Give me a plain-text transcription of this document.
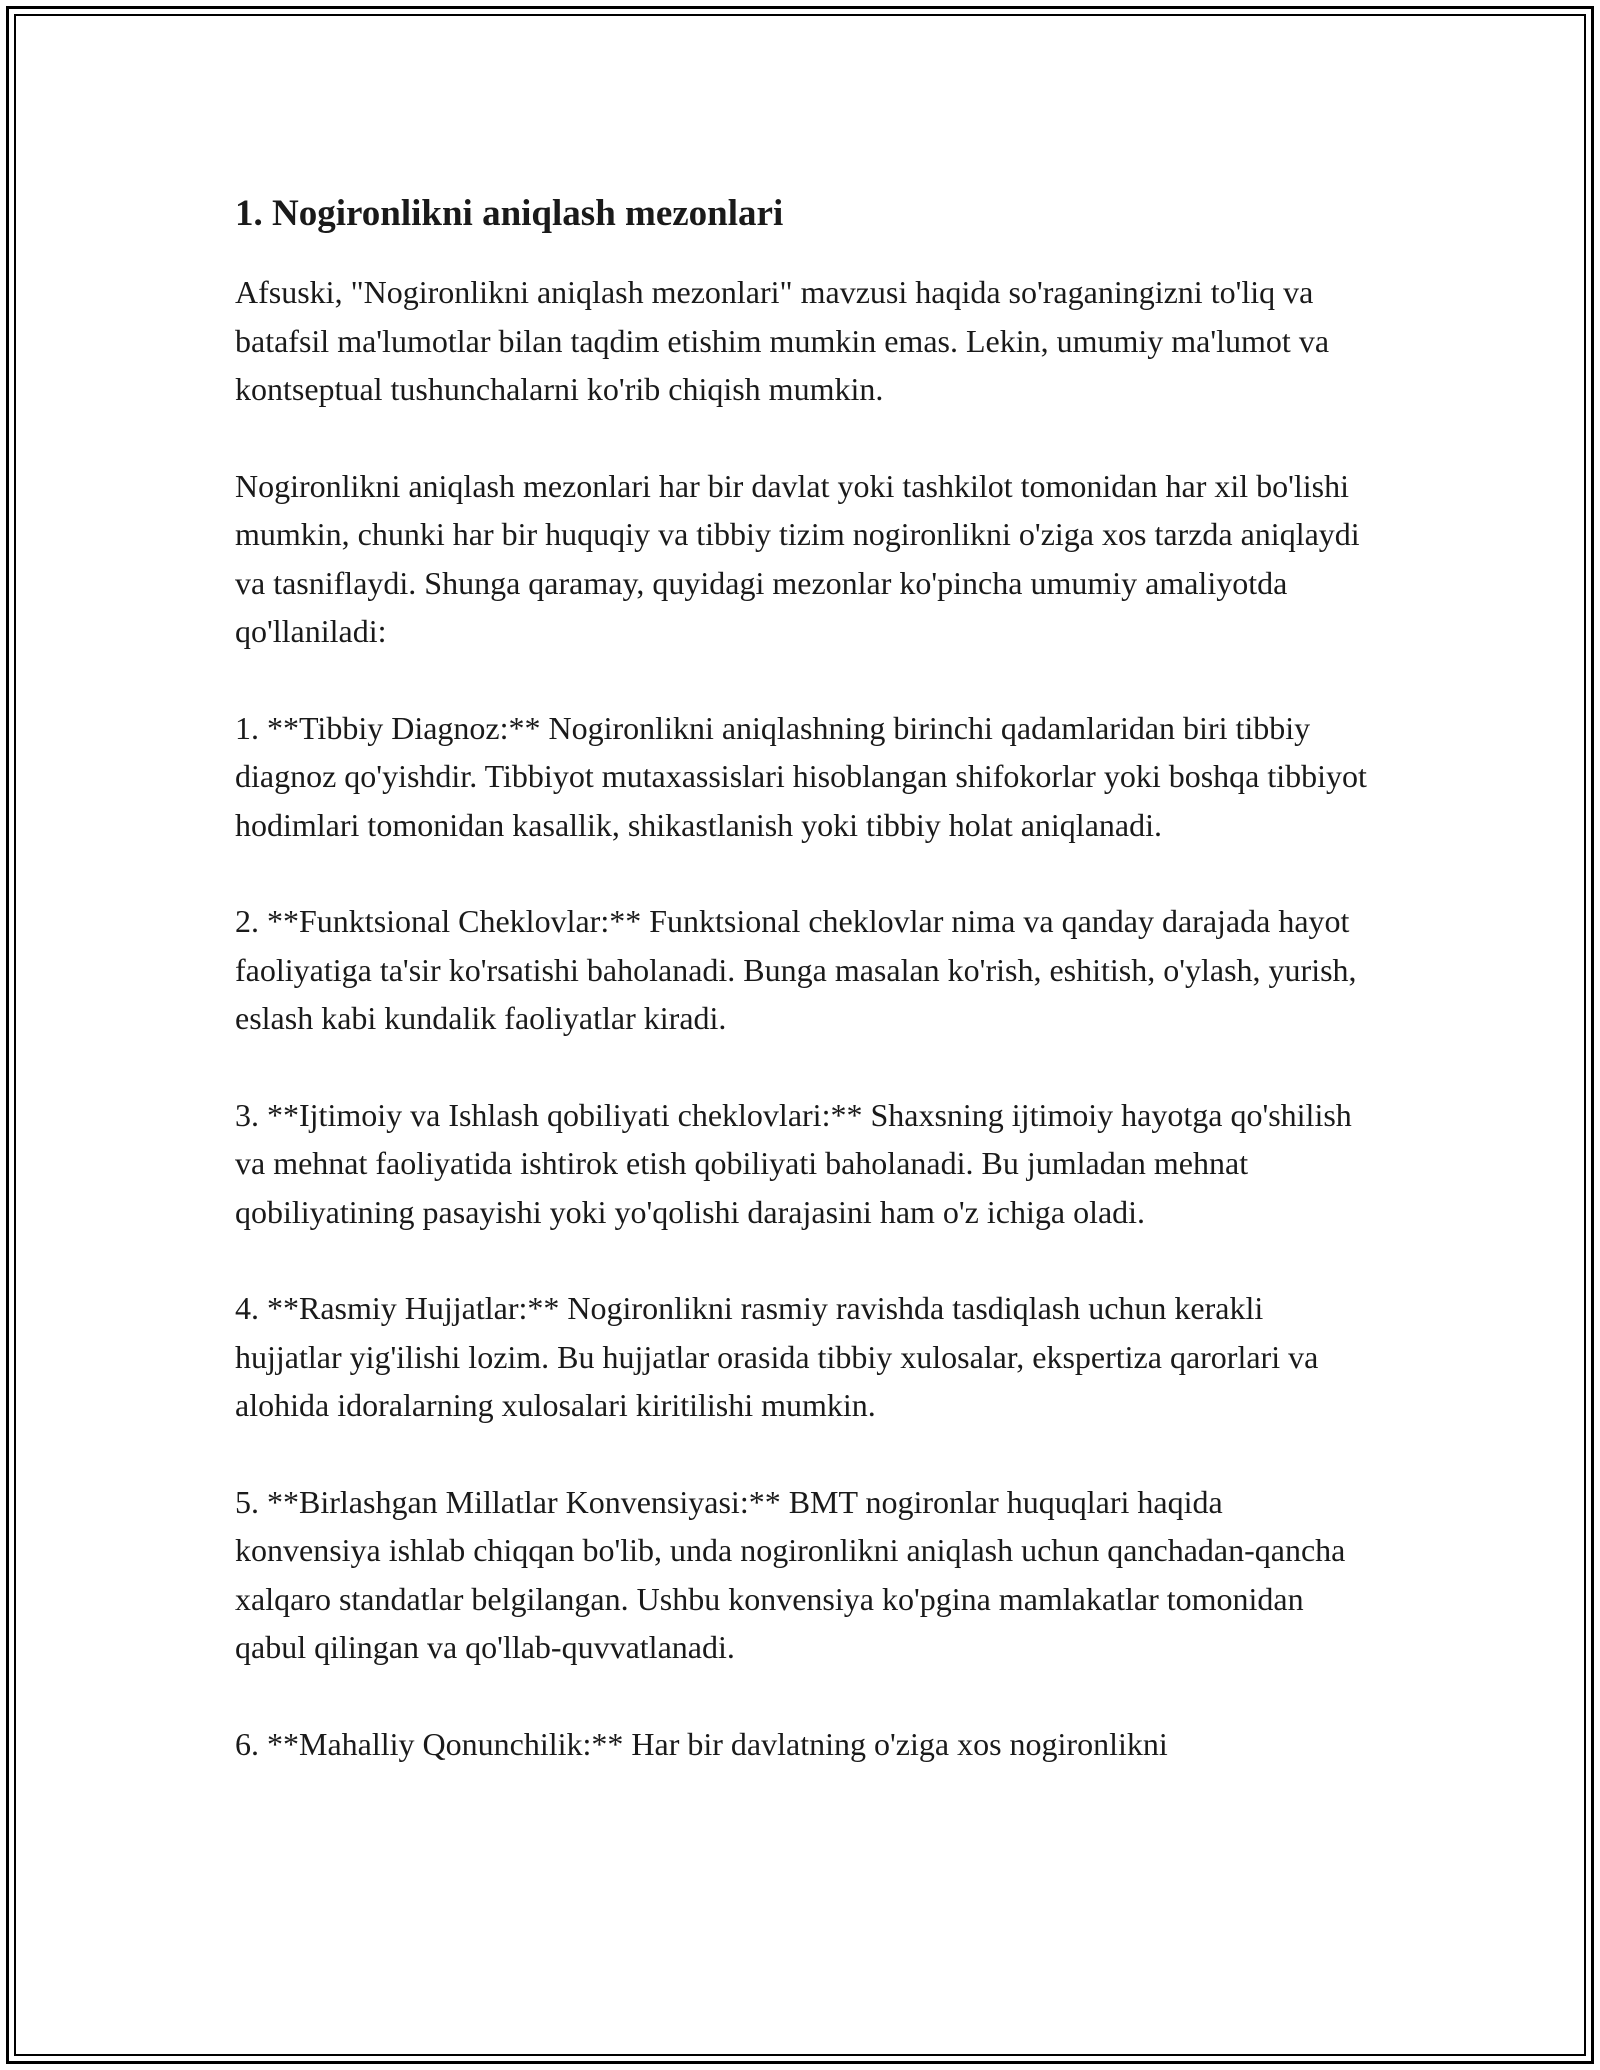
1. Nogironlikni aniqlash mezonlari

Afsuski, "Nogironlikni aniqlash mezonlari" mavzusi haqida so'raganingizni to'liq va batafsil ma'lumotlar bilan taqdim etishim mumkin emas. Lekin, umumiy ma'lumot va kontseptual tushunchalarni ko'rib chiqish mumkin.

Nogironlikni aniqlash mezonlari har bir davlat yoki tashkilot tomonidan har xil bo'lishi mumkin, chunki har bir huquqiy va tibbiy tizim nogironlikni o'ziga xos tarzda aniqlaydi va tasniflaydi. Shunga qaramay, quyidagi mezonlar ko'pincha umumiy amaliyotda qo'llaniladi:

1. **Tibbiy Diagnoz:** Nogironlikni aniqlashning birinchi qadamlaridan biri tibbiy diagnoz qo'yishdir. Tibbiyot mutaxassislari hisoblangan shifokorlar yoki boshqa tibbiyot hodimlari tomonidan kasallik, shikastlanish yoki tibbiy holat aniqlanadi.

2. **Funktsional Cheklovlar:** Funktsional cheklovlar nima va qanday darajada hayot faoliyatiga ta'sir ko'rsatishi baholanadi. Bunga masalan ko'rish, eshitish, o'ylash, yurish, eslash kabi kundalik faoliyatlar kiradi.

3. **Ijtimoiy va Ishlash qobiliyati cheklovlari:** Shaxsning ijtimoiy hayotga qo'shilish va mehnat faoliyatida ishtirok etish qobiliyati baholanadi. Bu jumladan mehnat qobiliyatining pasayishi yoki yo'qolishi darajasini ham o'z ichiga oladi.

4. **Rasmiy Hujjatlar:** Nogironlikni rasmiy ravishda tasdiqlash uchun kerakli hujjatlar yig'ilishi lozim. Bu hujjatlar orasida tibbiy xulosalar, ekspertiza qarorlari va alohida idoralarning xulosalari kiritilishi mumkin.

5. **Birlashgan Millatlar Konvensiyasi:** BMT nogironlar huquqlari haqida konvensiya ishlab chiqqan bo'lib, unda nogironlikni aniqlash uchun qanchadan-qancha xalqaro standatlar belgilangan. Ushbu konvensiya ko'pgina mamlakatlar tomonidan qabul qilingan va qo'llab-quvvatlanadi.

6. **Mahalliy Qonunchilik:** Har bir davlatning o'ziga xos nogironlikni
